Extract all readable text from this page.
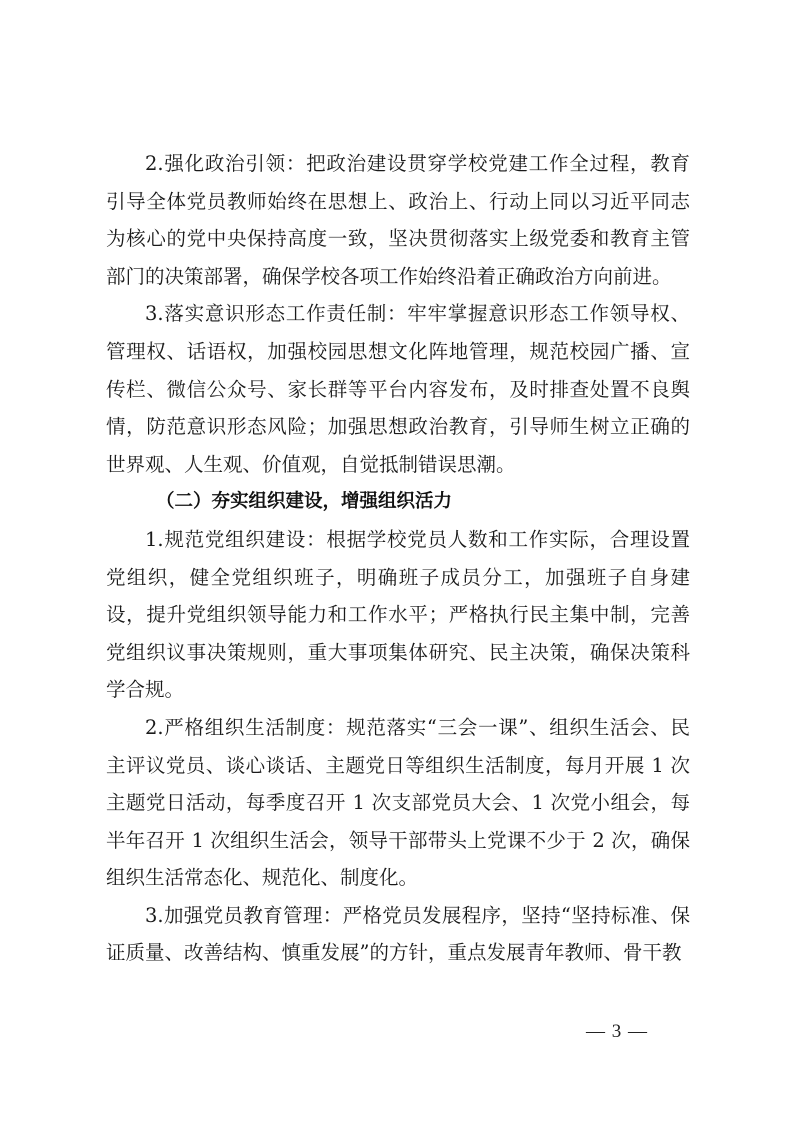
2.强化政治引领：把政治建设贯穿学校党建工作全过程，教育引导全体党员教师始终在思想上、政治上、行动上同以习近平同志为核心的党中央保持高度一致，坚决贯彻落实上级党委和教育主管部门的决策部署，确保学校各项工作始终沿着正确政治方向前进。

3.落实意识形态工作责任制：牢牢掌握意识形态工作领导权、管理权、话语权，加强校园思想文化阵地管理，规范校园广播、宣传栏、微信公众号、家长群等平台内容发布，及时排查处置不良舆情，防范意识形态风险；加强思想政治教育，引导师生树立正确的世界观、人生观、价值观，自觉抵制错误思潮。

（二）夯实组织建设，增强组织活力

1.规范党组织建设：根据学校党员人数和工作实际，合理设置党组织，健全党组织班子，明确班子成员分工，加强班子自身建设，提升党组织领导能力和工作水平；严格执行民主集中制，完善党组织议事决策规则，重大事项集体研究、民主决策，确保决策科学合规。

2.严格组织生活制度：规范落实“三会一课”、组织生活会、民主评议党员、谈心谈话、主题党日等组织生活制度，每月开展 1 次主题党日活动，每季度召开 1 次支部党员大会、1 次党小组会，每半年召开 1 次组织生活会，领导干部带头上党课不少于 2 次，确保组织生活常态化、规范化、制度化。

3.加强党员教育管理：严格党员发展程序，坚持“坚持标准、保证质量、改善结构、慎重发展”的方针，重点发展青年教师、骨干教

— 3 —
